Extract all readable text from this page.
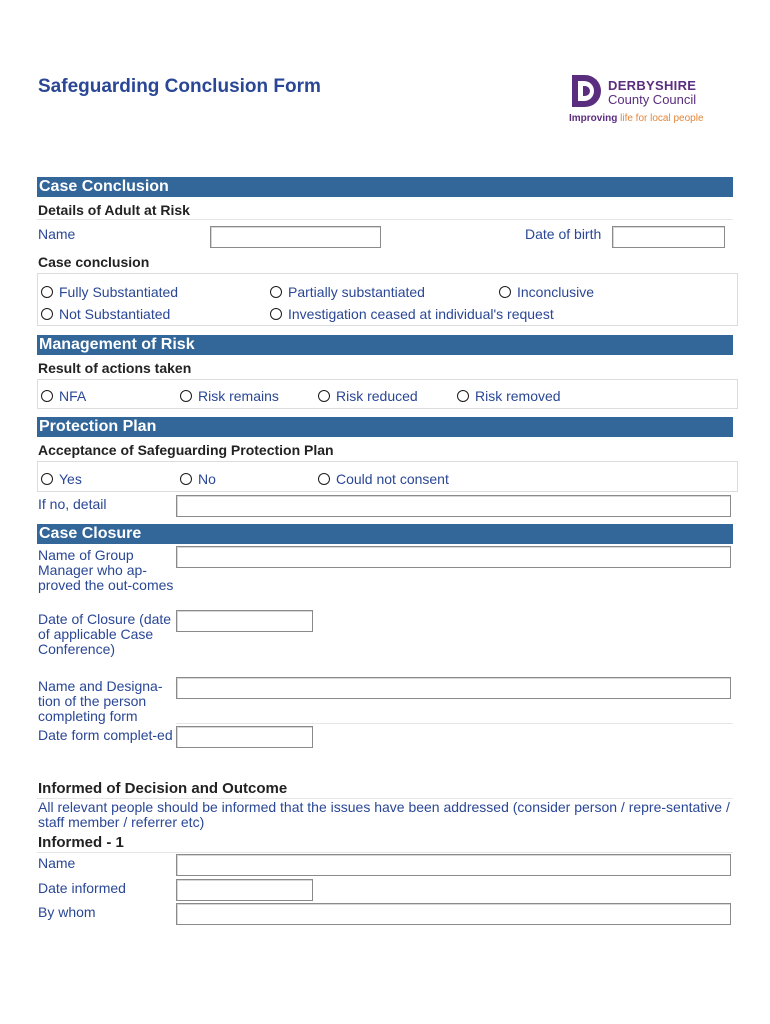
Safeguarding Conclusion Form	DERBYSHIRE
County Council
Improving life for local people
Case Conclusion
Details of Adult at Risk
Name	Date of birth
Case conclusion
Fully Substantiated	Partially substantiated	Inconclusive
Not Substantiated	Investigation ceased at individual's request
Management of Risk
Result of actions taken
NFA	Risk remains	Risk reduced	Risk removed
Protection Plan
Acceptance of Safeguarding Protection Plan
Yes	No	Could not consent
If no, detail
Case Closure
Name of Group Manager who ap-proved the out-comes
Date of Closure (date of applicable Case Conference)
Name and Designa-tion of the person completing form
Date form complet-ed
Informed of Decision and Outcome
All relevant people should be informed that the issues have been addressed (consider person / repre-sentative / staff member / referrer etc)
Informed - 1
Name
Date informed
By whom
